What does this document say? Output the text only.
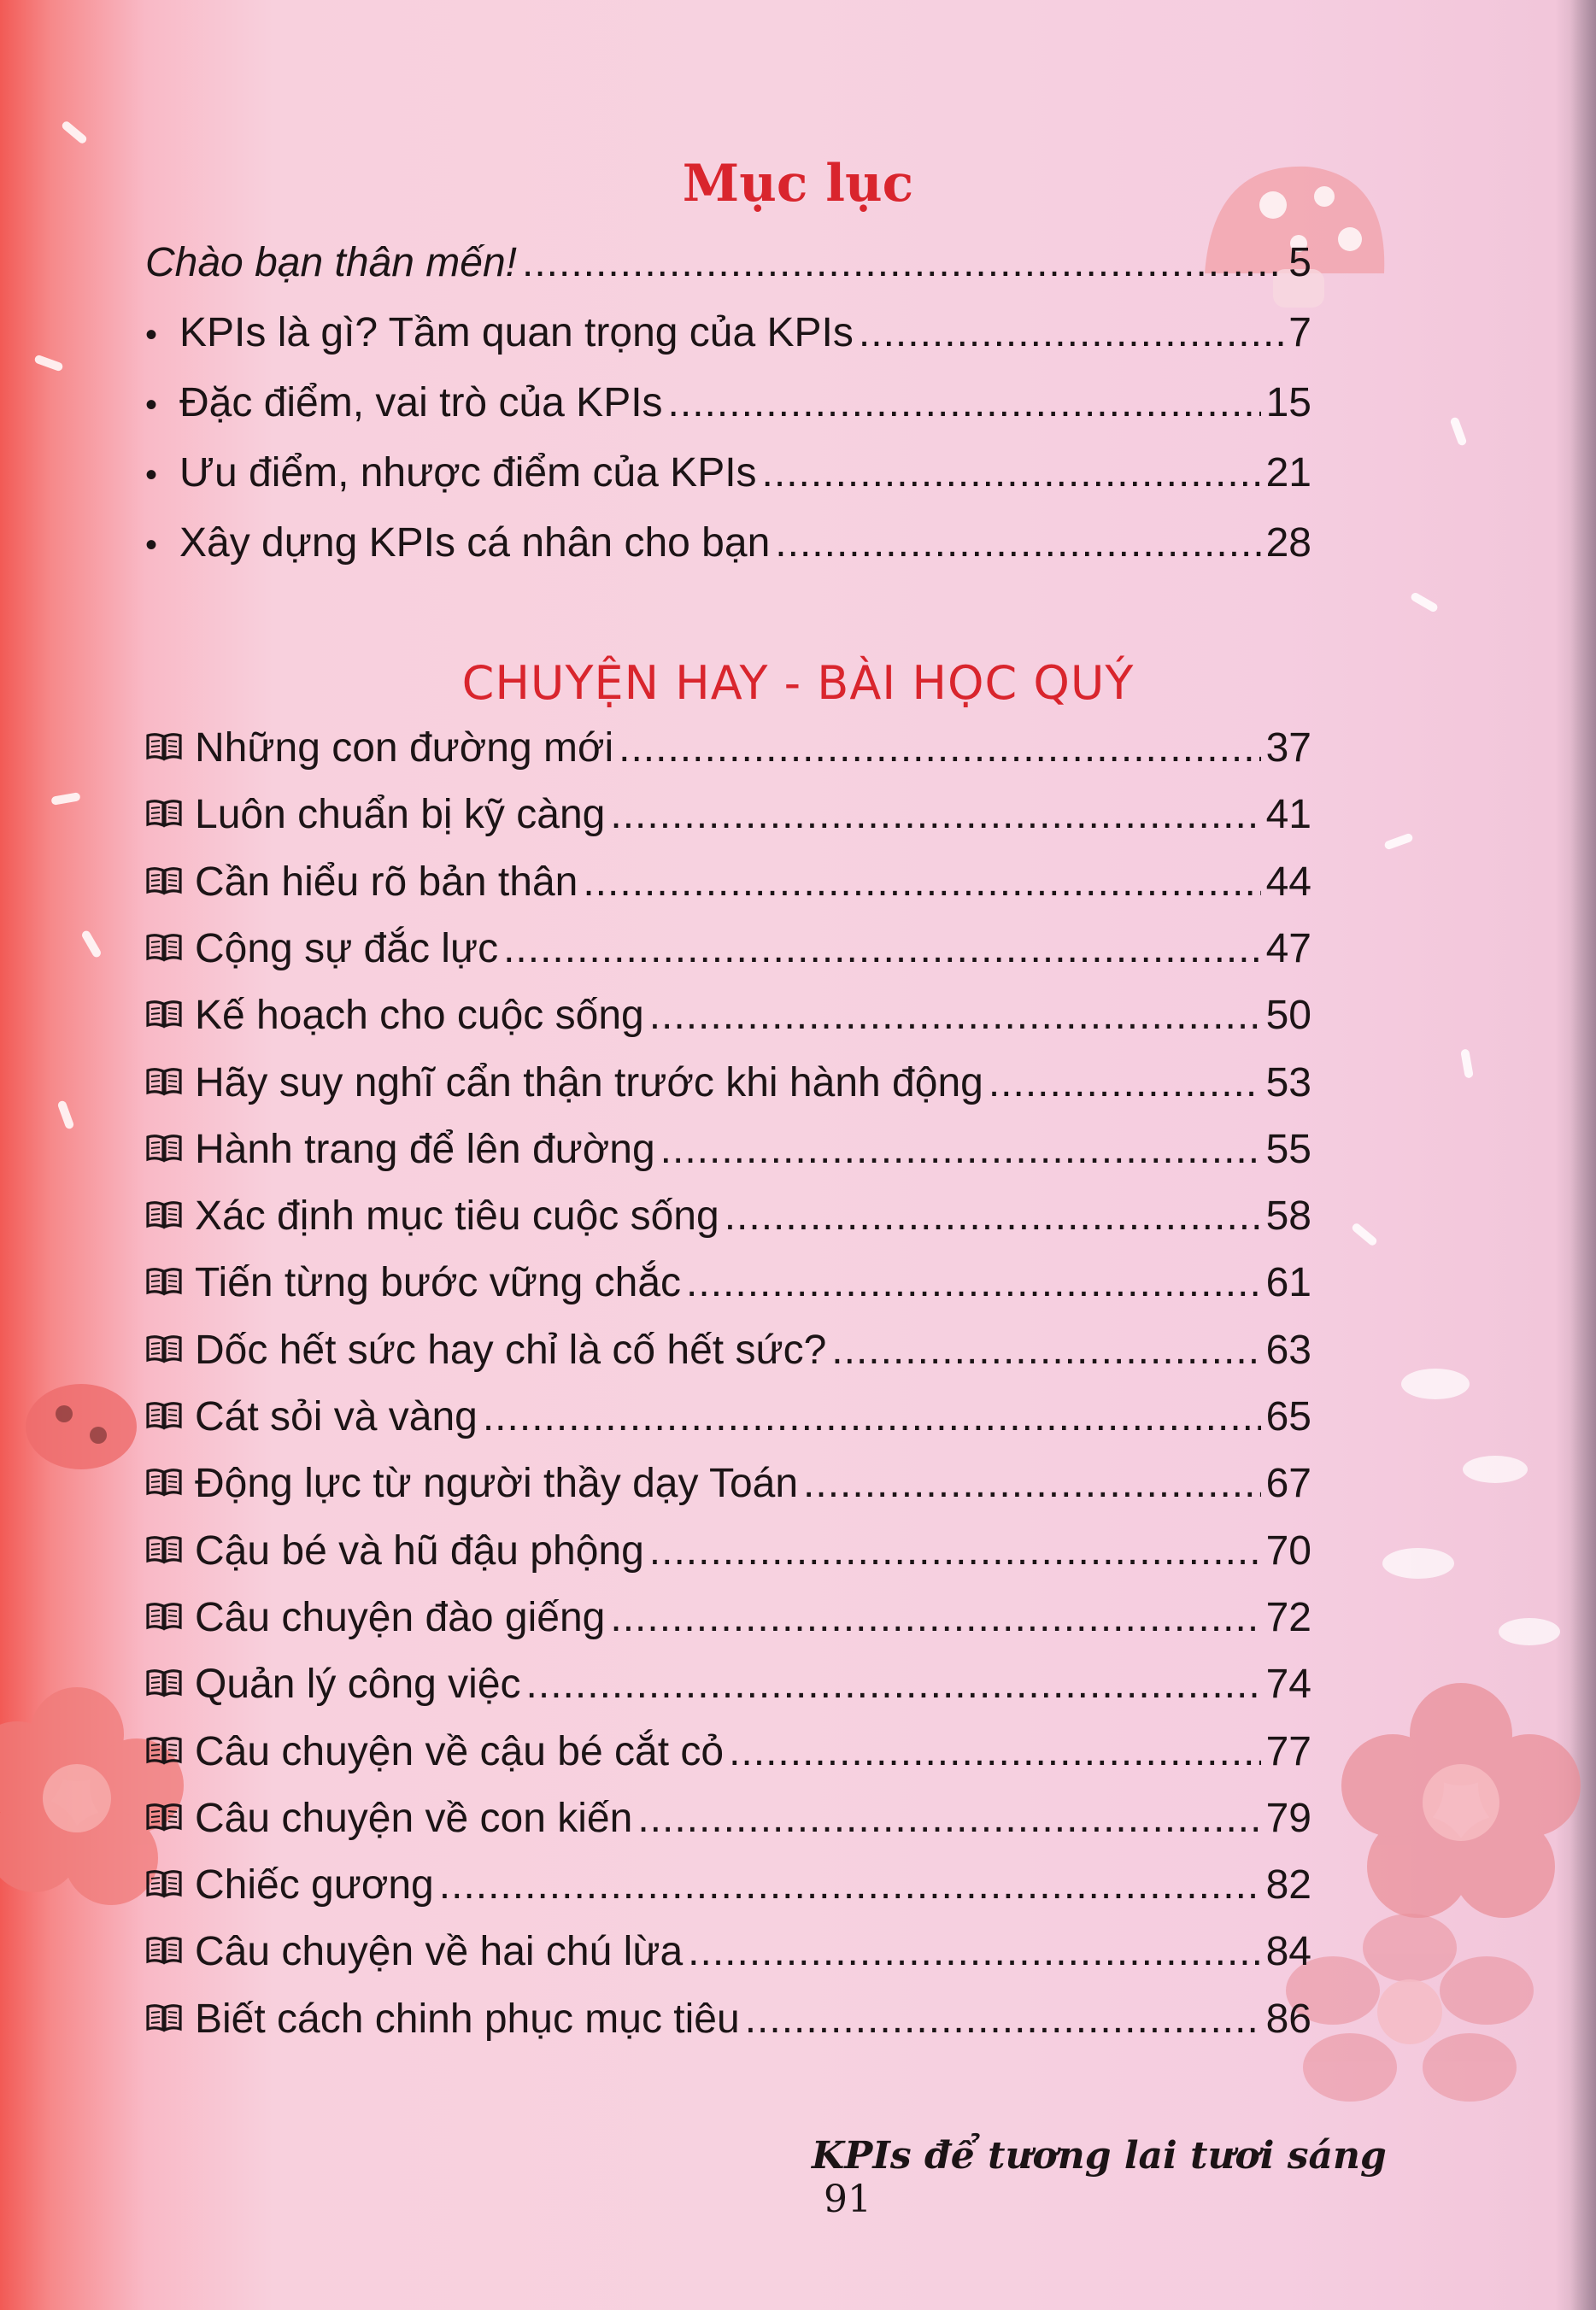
Mục lục
Chào bạn thân mến! .....	5
• KPIs là gì? Tầm quan trọng của KPIs .....	7
• Đặc điểm, vai trò của KPIs .....	15
• Ưu điểm, nhược điểm của KPIs .....	21
• Xây dựng KPIs cá nhân cho bạn .....	28
CHUYỆN HAY - BÀI HỌC QUÝ
Những con đường mới .....	37
Luôn chuẩn bị kỹ càng .....	41
Cần hiểu rõ bản thân .....	44
Cộng sự đắc lực .....	47
Kế hoạch cho cuộc sống .....	50
Hãy suy nghĩ cẩn thận trước khi hành động .....	53
Hành trang để lên đường .....	55
Xác định mục tiêu cuộc sống .....	58
Tiến từng bước vững chắc .....	61
Dốc hết sức hay chỉ là cố hết sức? .....	63
Cát sỏi và vàng .....	65
Động lực từ người thầy dạy Toán .....	67
Cậu bé và hũ đậu phộng .....	70
Câu chuyện đào giếng .....	72
Quản lý công việc .....	74
Câu chuyện về cậu bé cắt cỏ .....	77
Câu chuyện về con kiến .....	79
Chiếc gương .....	82
Câu chuyện về hai chú lừa .....	84
Biết cách chinh phục mục tiêu .....	86
KPIs để tương lai tươi sáng 91
